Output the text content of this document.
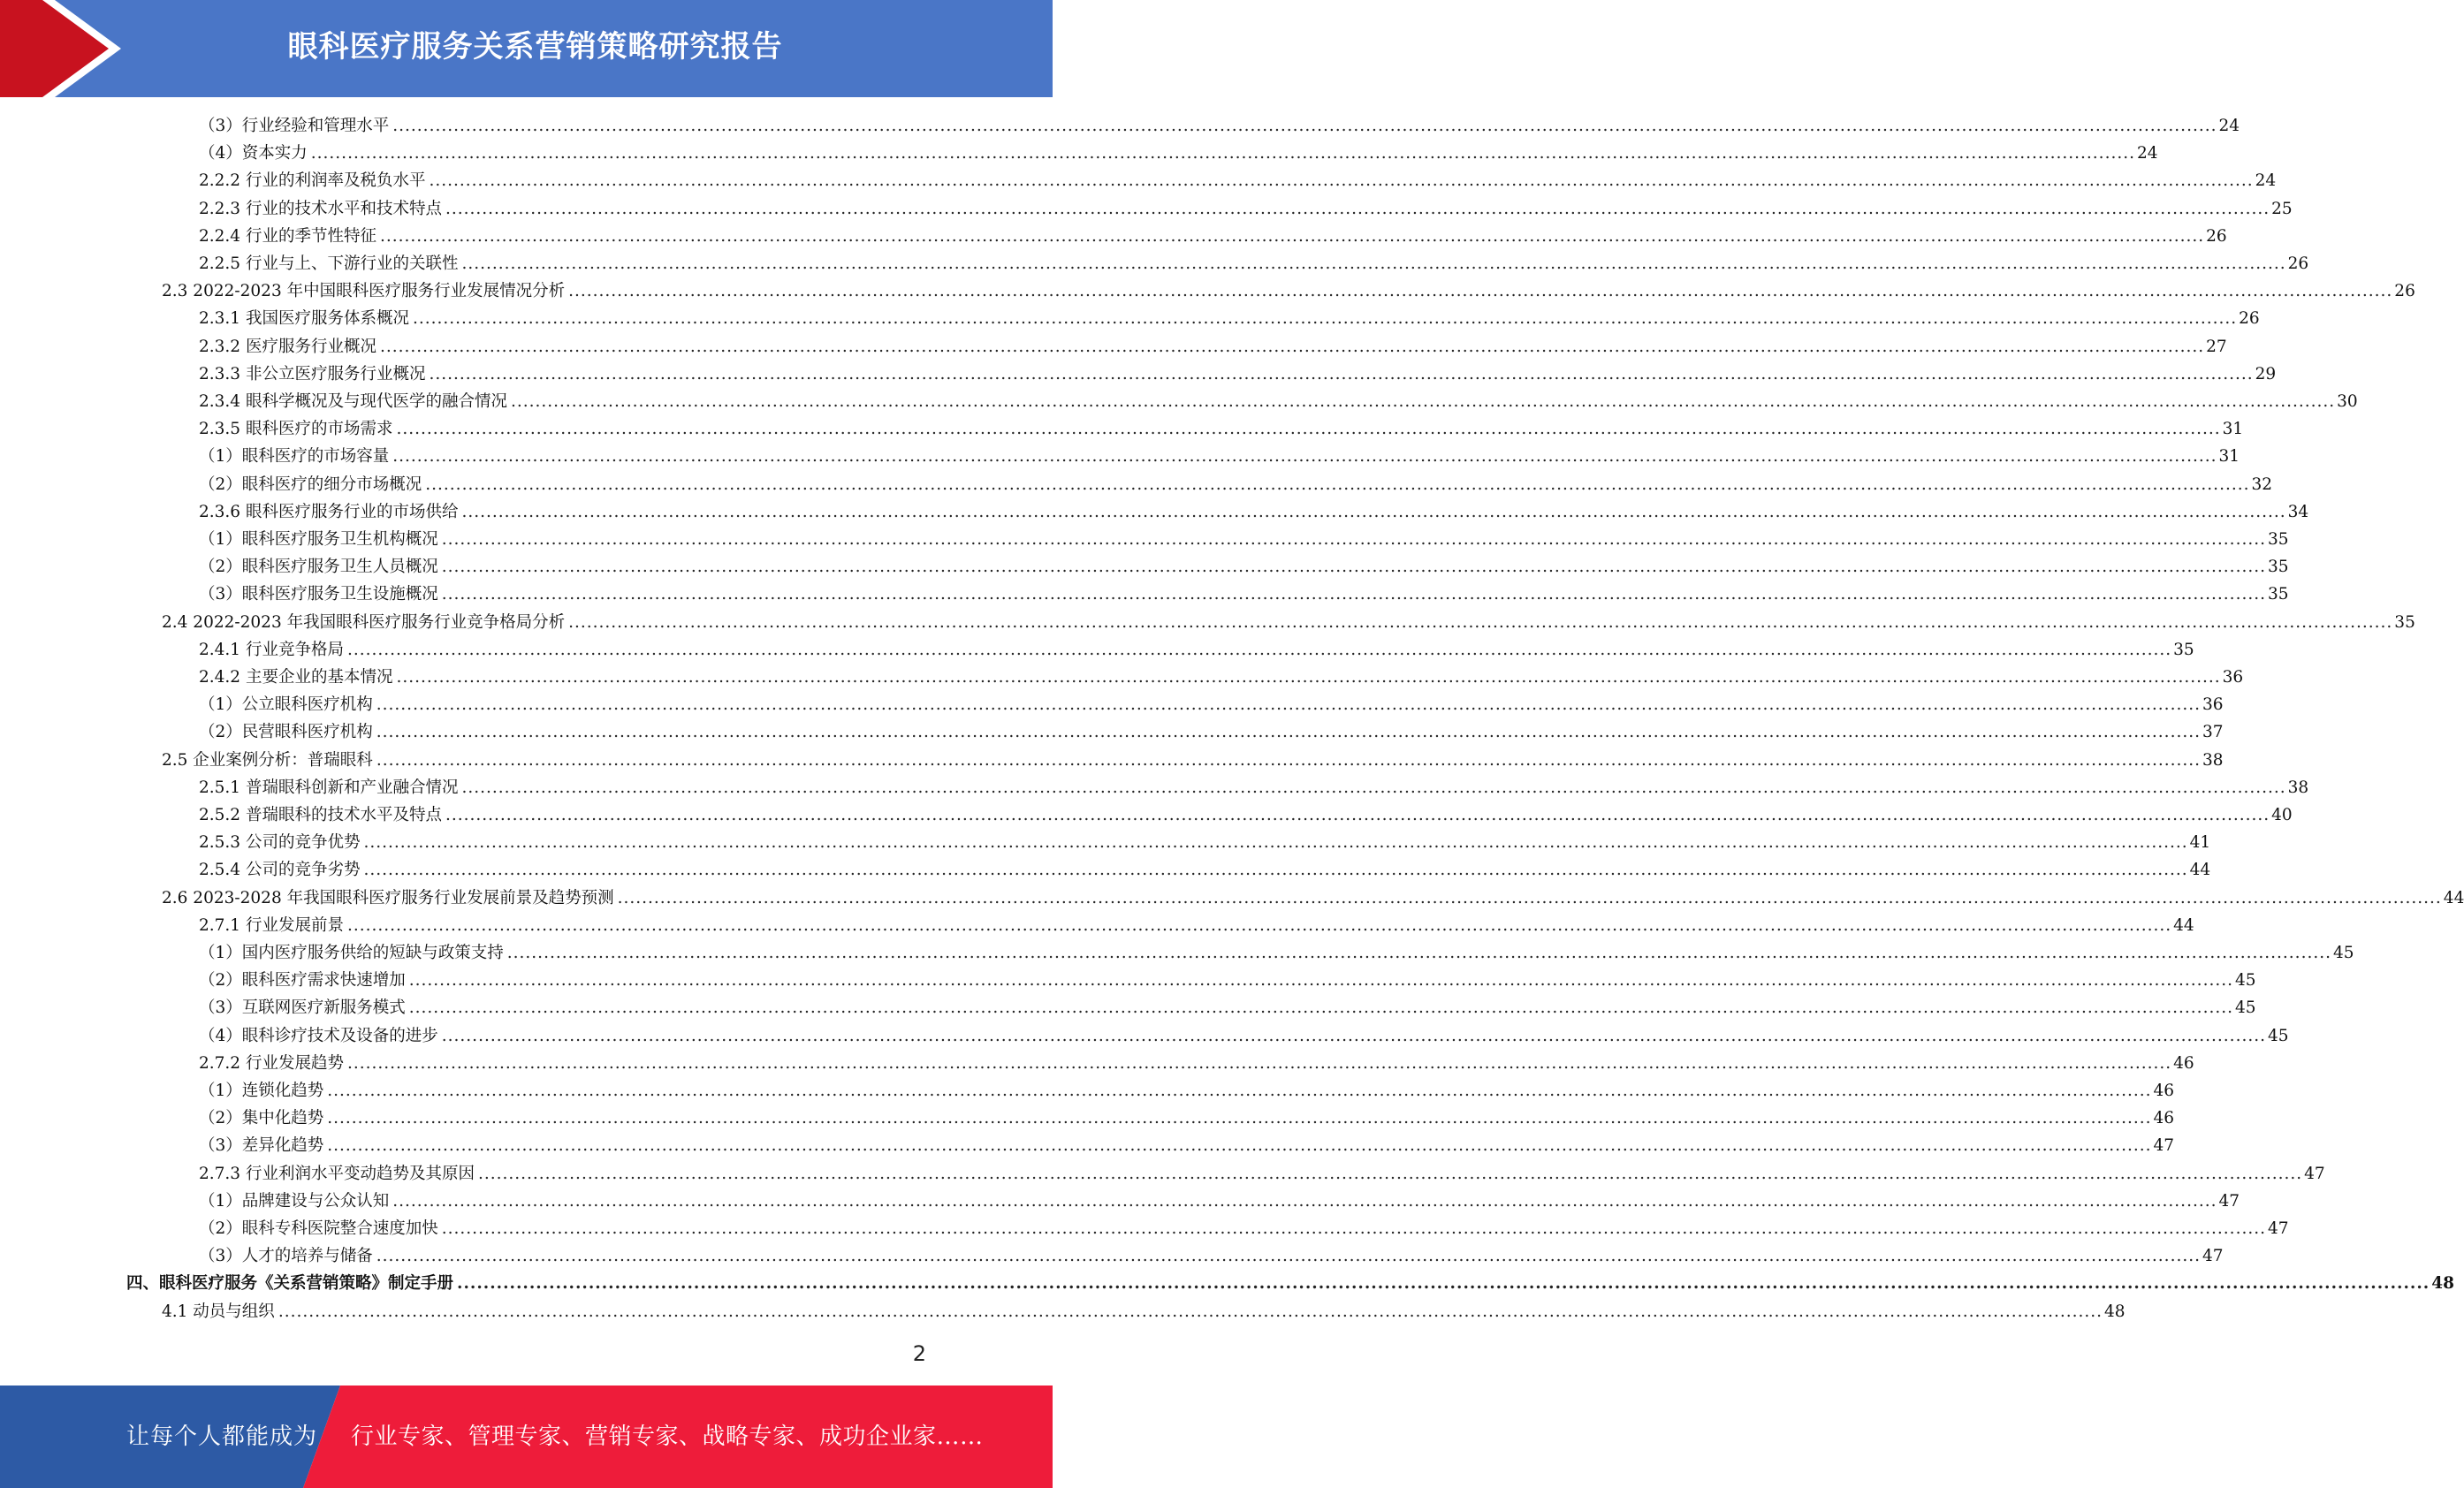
眼科医疗服务关系营销策略研究报告
（3）行业经验和管理水平 ............................................................................................................................................................................................................................................................................................................ 24
（4）资本实力 ............................................................................................................................................................................................................................................................................................................ 24
2.2.2 行业的利润率及税负水平 ............................................................................................................................................................................................................................................................................................................ 24
2.2.3 行业的技术水平和技术特点 ............................................................................................................................................................................................................................................................................................................ 25
2.2.4 行业的季节性特征 ............................................................................................................................................................................................................................................................................................................ 26
2.2.5 行业与上、下游行业的关联性 ............................................................................................................................................................................................................................................................................................................ 26
2.3 2022-2023 年中国眼科医疗服务行业发展情况分析 ............................................................................................................................................................................................................................................................................................................ 26
2.3.1 我国医疗服务体系概况 ............................................................................................................................................................................................................................................................................................................ 26
2.3.2 医疗服务行业概况 ............................................................................................................................................................................................................................................................................................................ 27
2.3.3 非公立医疗服务行业概况 ............................................................................................................................................................................................................................................................................................................ 29
2.3.4 眼科学概况及与现代医学的融合情况 ............................................................................................................................................................................................................................................................................................................ 30
2.3.5 眼科医疗的市场需求 ............................................................................................................................................................................................................................................................................................................ 31
（1）眼科医疗的市场容量 ............................................................................................................................................................................................................................................................................................................ 31
（2）眼科医疗的细分市场概况 ............................................................................................................................................................................................................................................................................................................ 32
2.3.6 眼科医疗服务行业的市场供给 ............................................................................................................................................................................................................................................................................................................ 34
（1）眼科医疗服务卫生机构概况 ............................................................................................................................................................................................................................................................................................................ 35
（2）眼科医疗服务卫生人员概况 ............................................................................................................................................................................................................................................................................................................ 35
（3）眼科医疗服务卫生设施概况 ............................................................................................................................................................................................................................................................................................................ 35
2.4 2022-2023 年我国眼科医疗服务行业竞争格局分析 ............................................................................................................................................................................................................................................................................................................ 35
2.4.1 行业竞争格局 ............................................................................................................................................................................................................................................................................................................ 35
2.4.2 主要企业的基本情况 ............................................................................................................................................................................................................................................................................................................ 36
（1）公立眼科医疗机构 ............................................................................................................................................................................................................................................................................................................ 36
（2）民营眼科医疗机构 ............................................................................................................................................................................................................................................................................................................ 37
2.5 企业案例分析：普瑞眼科 ............................................................................................................................................................................................................................................................................................................ 38
2.5.1 普瑞眼科创新和产业融合情况 ............................................................................................................................................................................................................................................................................................................ 38
2.5.2 普瑞眼科的技术水平及特点 ............................................................................................................................................................................................................................................................................................................ 40
2.5.3 公司的竞争优势 ............................................................................................................................................................................................................................................................................................................ 41
2.5.4 公司的竞争劣势 ............................................................................................................................................................................................................................................................................................................ 44
2.6 2023-2028 年我国眼科医疗服务行业发展前景及趋势预测 ............................................................................................................................................................................................................................................................................................................ 44
2.7.1 行业发展前景 ............................................................................................................................................................................................................................................................................................................ 44
（1）国内医疗服务供给的短缺与政策支持 ............................................................................................................................................................................................................................................................................................................ 45
（2）眼科医疗需求快速增加 ............................................................................................................................................................................................................................................................................................................ 45
（3）互联网医疗新服务模式 ............................................................................................................................................................................................................................................................................................................ 45
（4）眼科诊疗技术及设备的进步 ............................................................................................................................................................................................................................................................................................................ 45
2.7.2 行业发展趋势 ............................................................................................................................................................................................................................................................................................................ 46
（1）连锁化趋势 ............................................................................................................................................................................................................................................................................................................ 46
（2）集中化趋势 ............................................................................................................................................................................................................................................................................................................ 46
（3）差异化趋势 ............................................................................................................................................................................................................................................................................................................ 47
2.7.3 行业利润水平变动趋势及其原因 ............................................................................................................................................................................................................................................................................................................ 47
（1）品牌建设与公众认知 ............................................................................................................................................................................................................................................................................................................ 47
（2）眼科专科医院整合速度加快 ............................................................................................................................................................................................................................................................................................................ 47
（3）人才的培养与储备 ............................................................................................................................................................................................................................................................................................................ 47
四、眼科医疗服务《关系营销策略》制定手册 ............................................................................................................................................................................................................................................................................................................ 48
4.1 动员与组织 ............................................................................................................................................................................................................................................................................................................ 48
2
让每个人都能成为 行业专家、管理专家、营销专家、战略专家、成功企业家……
